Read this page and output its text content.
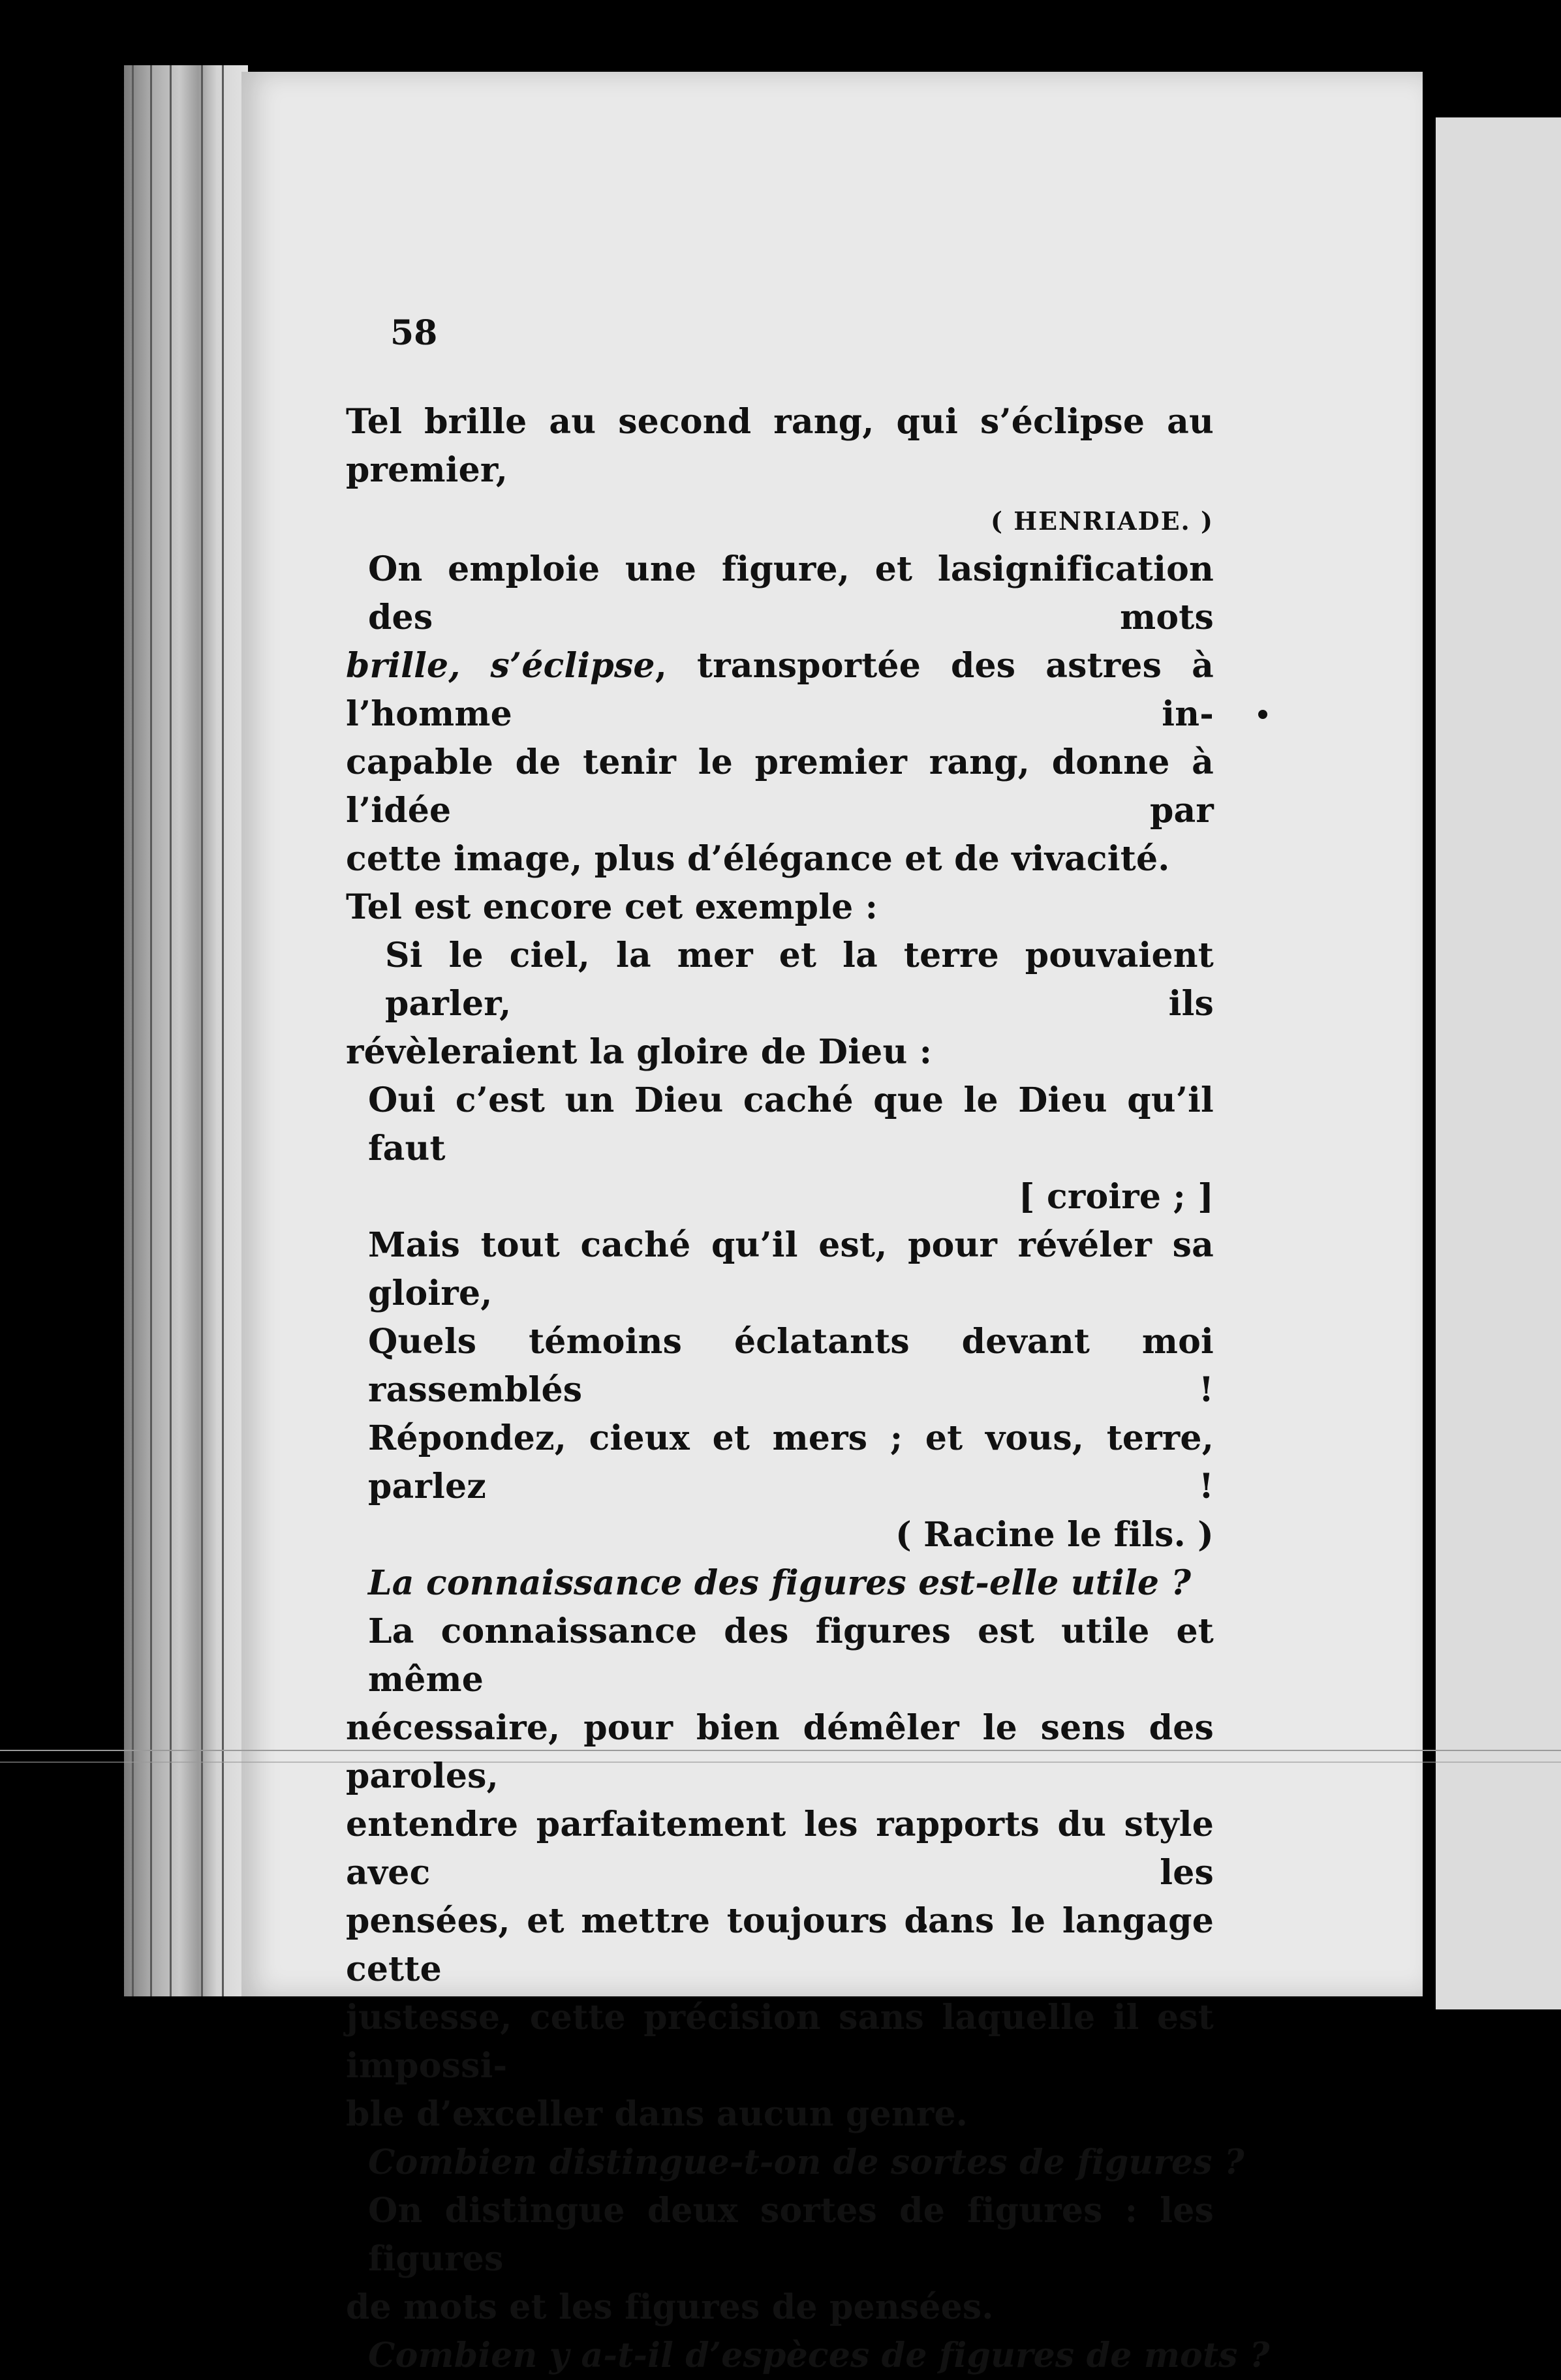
58

Tel brille au second rang, qui s’éclipse au premier,

( HENRIADE. )

On emploie une figure, et lasignification des mots

brille, s’éclipse, transportée des astres à l’homme in-

capable de tenir le premier rang, donne à l’idée par

cette image, plus d’élégance et de vivacité.

Tel est encore cet exemple :

Si le ciel, la mer et la terre pouvaient parler, ils

révèleraient la gloire de Dieu :

Oui c’est un Dieu caché que le Dieu qu’il faut

[ croire ; ]

Mais tout caché qu’il est, pour révéler sa gloire,

Quels témoins éclatants devant moi rassemblés !

Répondez, cieux et mers ; et vous, terre, parlez !

( Racine le fils. )

La connaissance des figures est-elle utile ?

La connaissance des figures est utile et même

nécessaire, pour bien démêler le sens des paroles,

entendre parfaitement les rapports du style avec les

pensées, et mettre toujours dans le langage cette

justesse, cette précision sans laquelle il est impossi-

ble d’exceller dans aucun genre.

Combien distingue-t-on de sortes de figures ?

On distingue deux sortes de figures : les figures

de mots et les figures de pensées.

Combien y a-t-il d’espèces de figures de mots ?
